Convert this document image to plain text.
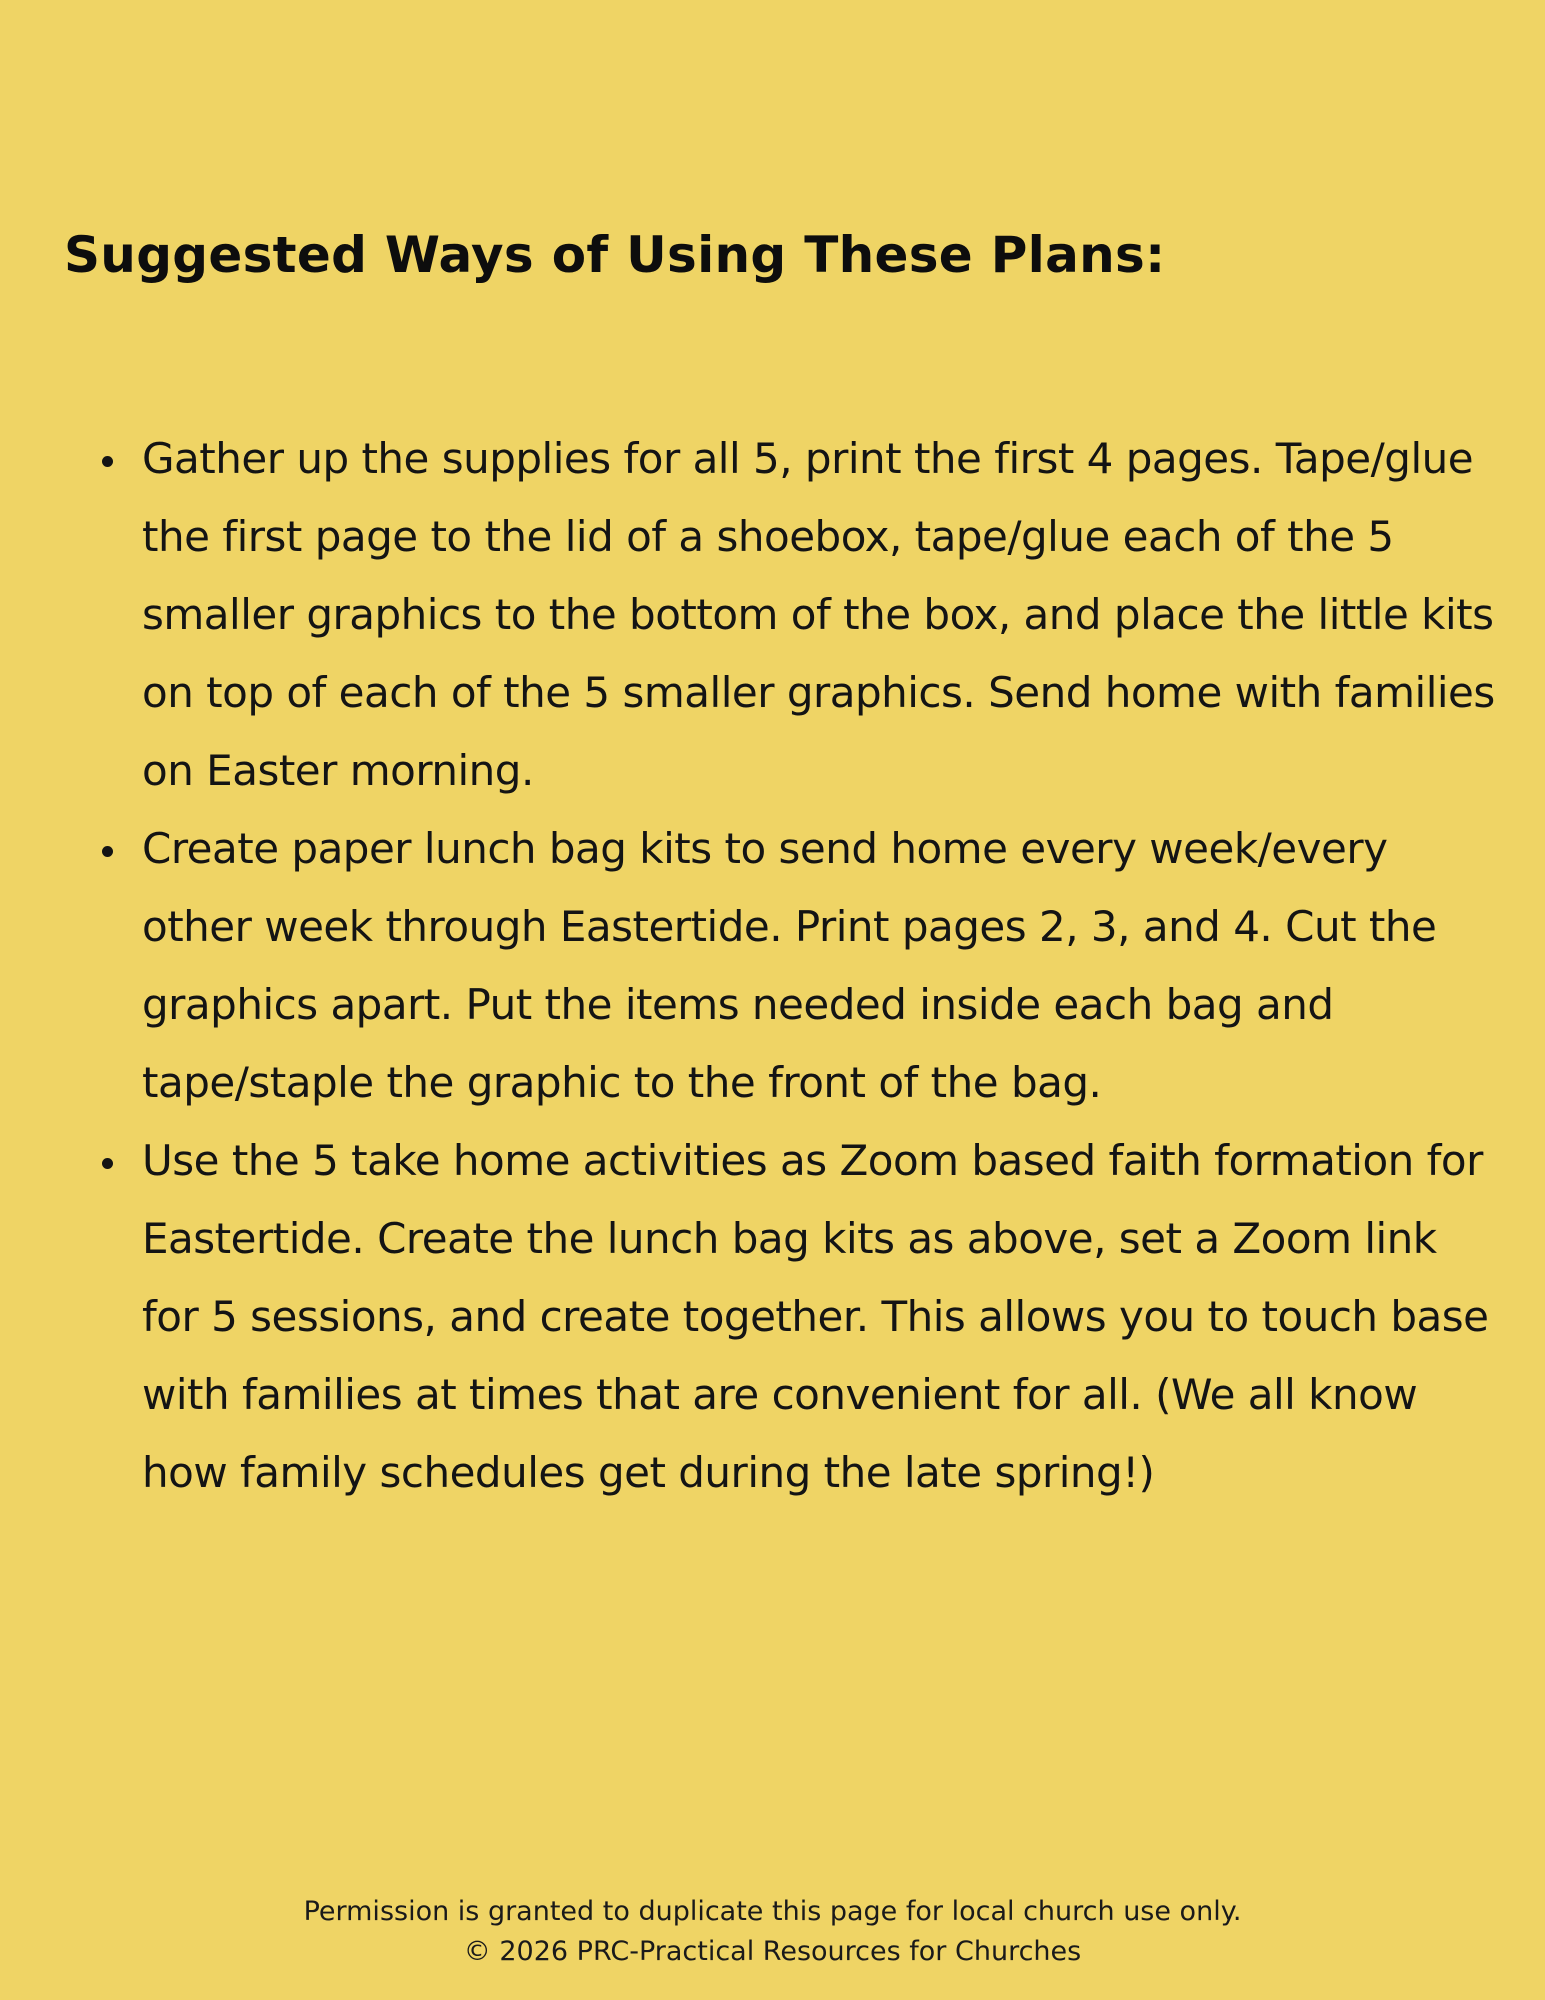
Suggested Ways of Using These Plans:
Gather up the supplies for all 5, print the first 4 pages. Tape/glue the first page to the lid of a shoebox, tape/glue each of the 5 smaller graphics to the bottom of the box, and place the little kits on top of each of the 5 smaller graphics. Send home with families on Easter morning.
Create paper lunch bag kits to send home every week/every other week through Eastertide. Print pages 2, 3, and 4. Cut the graphics apart. Put the items needed inside each bag and tape/staple the graphic to the front of the bag.
Use the 5 take home activities as Zoom based faith formation for Eastertide. Create the lunch bag kits as above, set a Zoom link for 5 sessions, and create together. This allows you to touch base with families at times that are convenient for all. (We all know how family schedules get during the late spring!)
Permission is granted to duplicate this page for local church use only.
© 2026 PRC-Practical Resources for Churches
